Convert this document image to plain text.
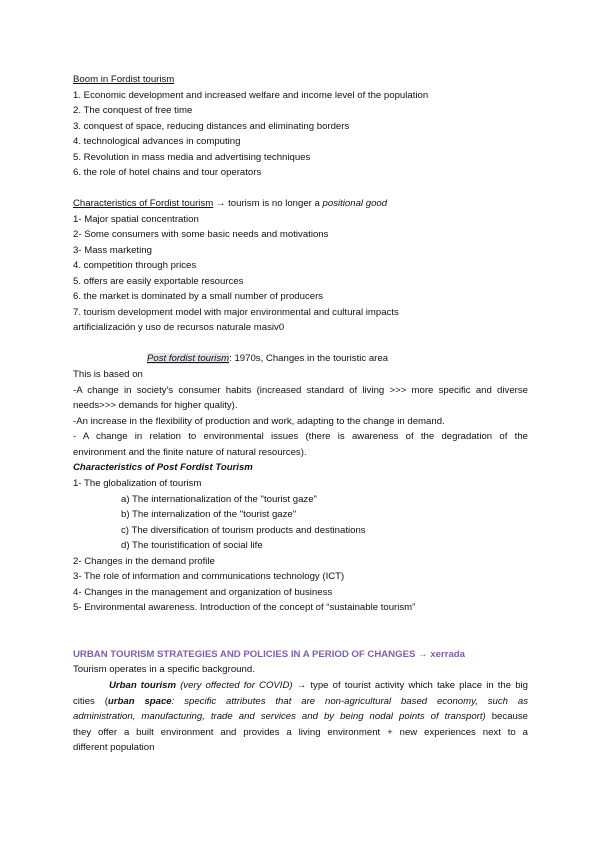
Boom in Fordist tourism
1. Economic development and increased welfare and income level of the population
2. The conquest of free time
3. conquest of space, reducing distances and eliminating borders
4. technological advances in computing
5. Revolution in mass media and advertising techniques
6. the role of hotel chains and tour operators
Characteristics of Fordist tourism → tourism is no longer a positional good
1- Major spatial concentration
2- Some consumers with some basic needs and motivations
3- Mass marketing
4. competition through prices
5. offers are easily exportable resources
6. the market is dominated by a small number of producers
7. tourism development model with major environmental and cultural impacts
artificialización y uso de recursos naturale masiv0
Post fordist tourism: 1970s, Changes in the touristic area
This is based on
-A change in society's consumer habits (increased standard of living >>> more specific and diverse
needs>>> demands for higher quality).
-An increase in the flexibility of production and work, adapting to the change in demand.
- A change in relation to environmental issues (there is awareness of the degradation of the
environment and the finite nature of natural resources).
Characteristics of Post Fordist Tourism
1- The globalization of tourism
a) The internationalization of the "tourist gaze"
b) The internalization of the "tourist gaze"
c) The diversification of tourism products and destinations
d) The touristification of social life
2- Changes in the demand profile
3- The role of information and communications technology (ICT)
4- Changes in the management and organization of business
5- Environmental awareness. Introduction of the concept of “sustainable tourism”
URBAN TOURISM STRATEGIES AND POLICIES IN A PERIOD OF CHANGES → xerrada
Tourism operates in a specific background.
Urban tourism (very offected for COVID) → type of tourist activity which take place in the big
cities (urban space: specific attributes that are non-agricultural based economy, such as
administration, manufacturing, trade and services and by being nodal points of transport) because
they offer a built environment and provides a living environment + new experiences next to a
different population
